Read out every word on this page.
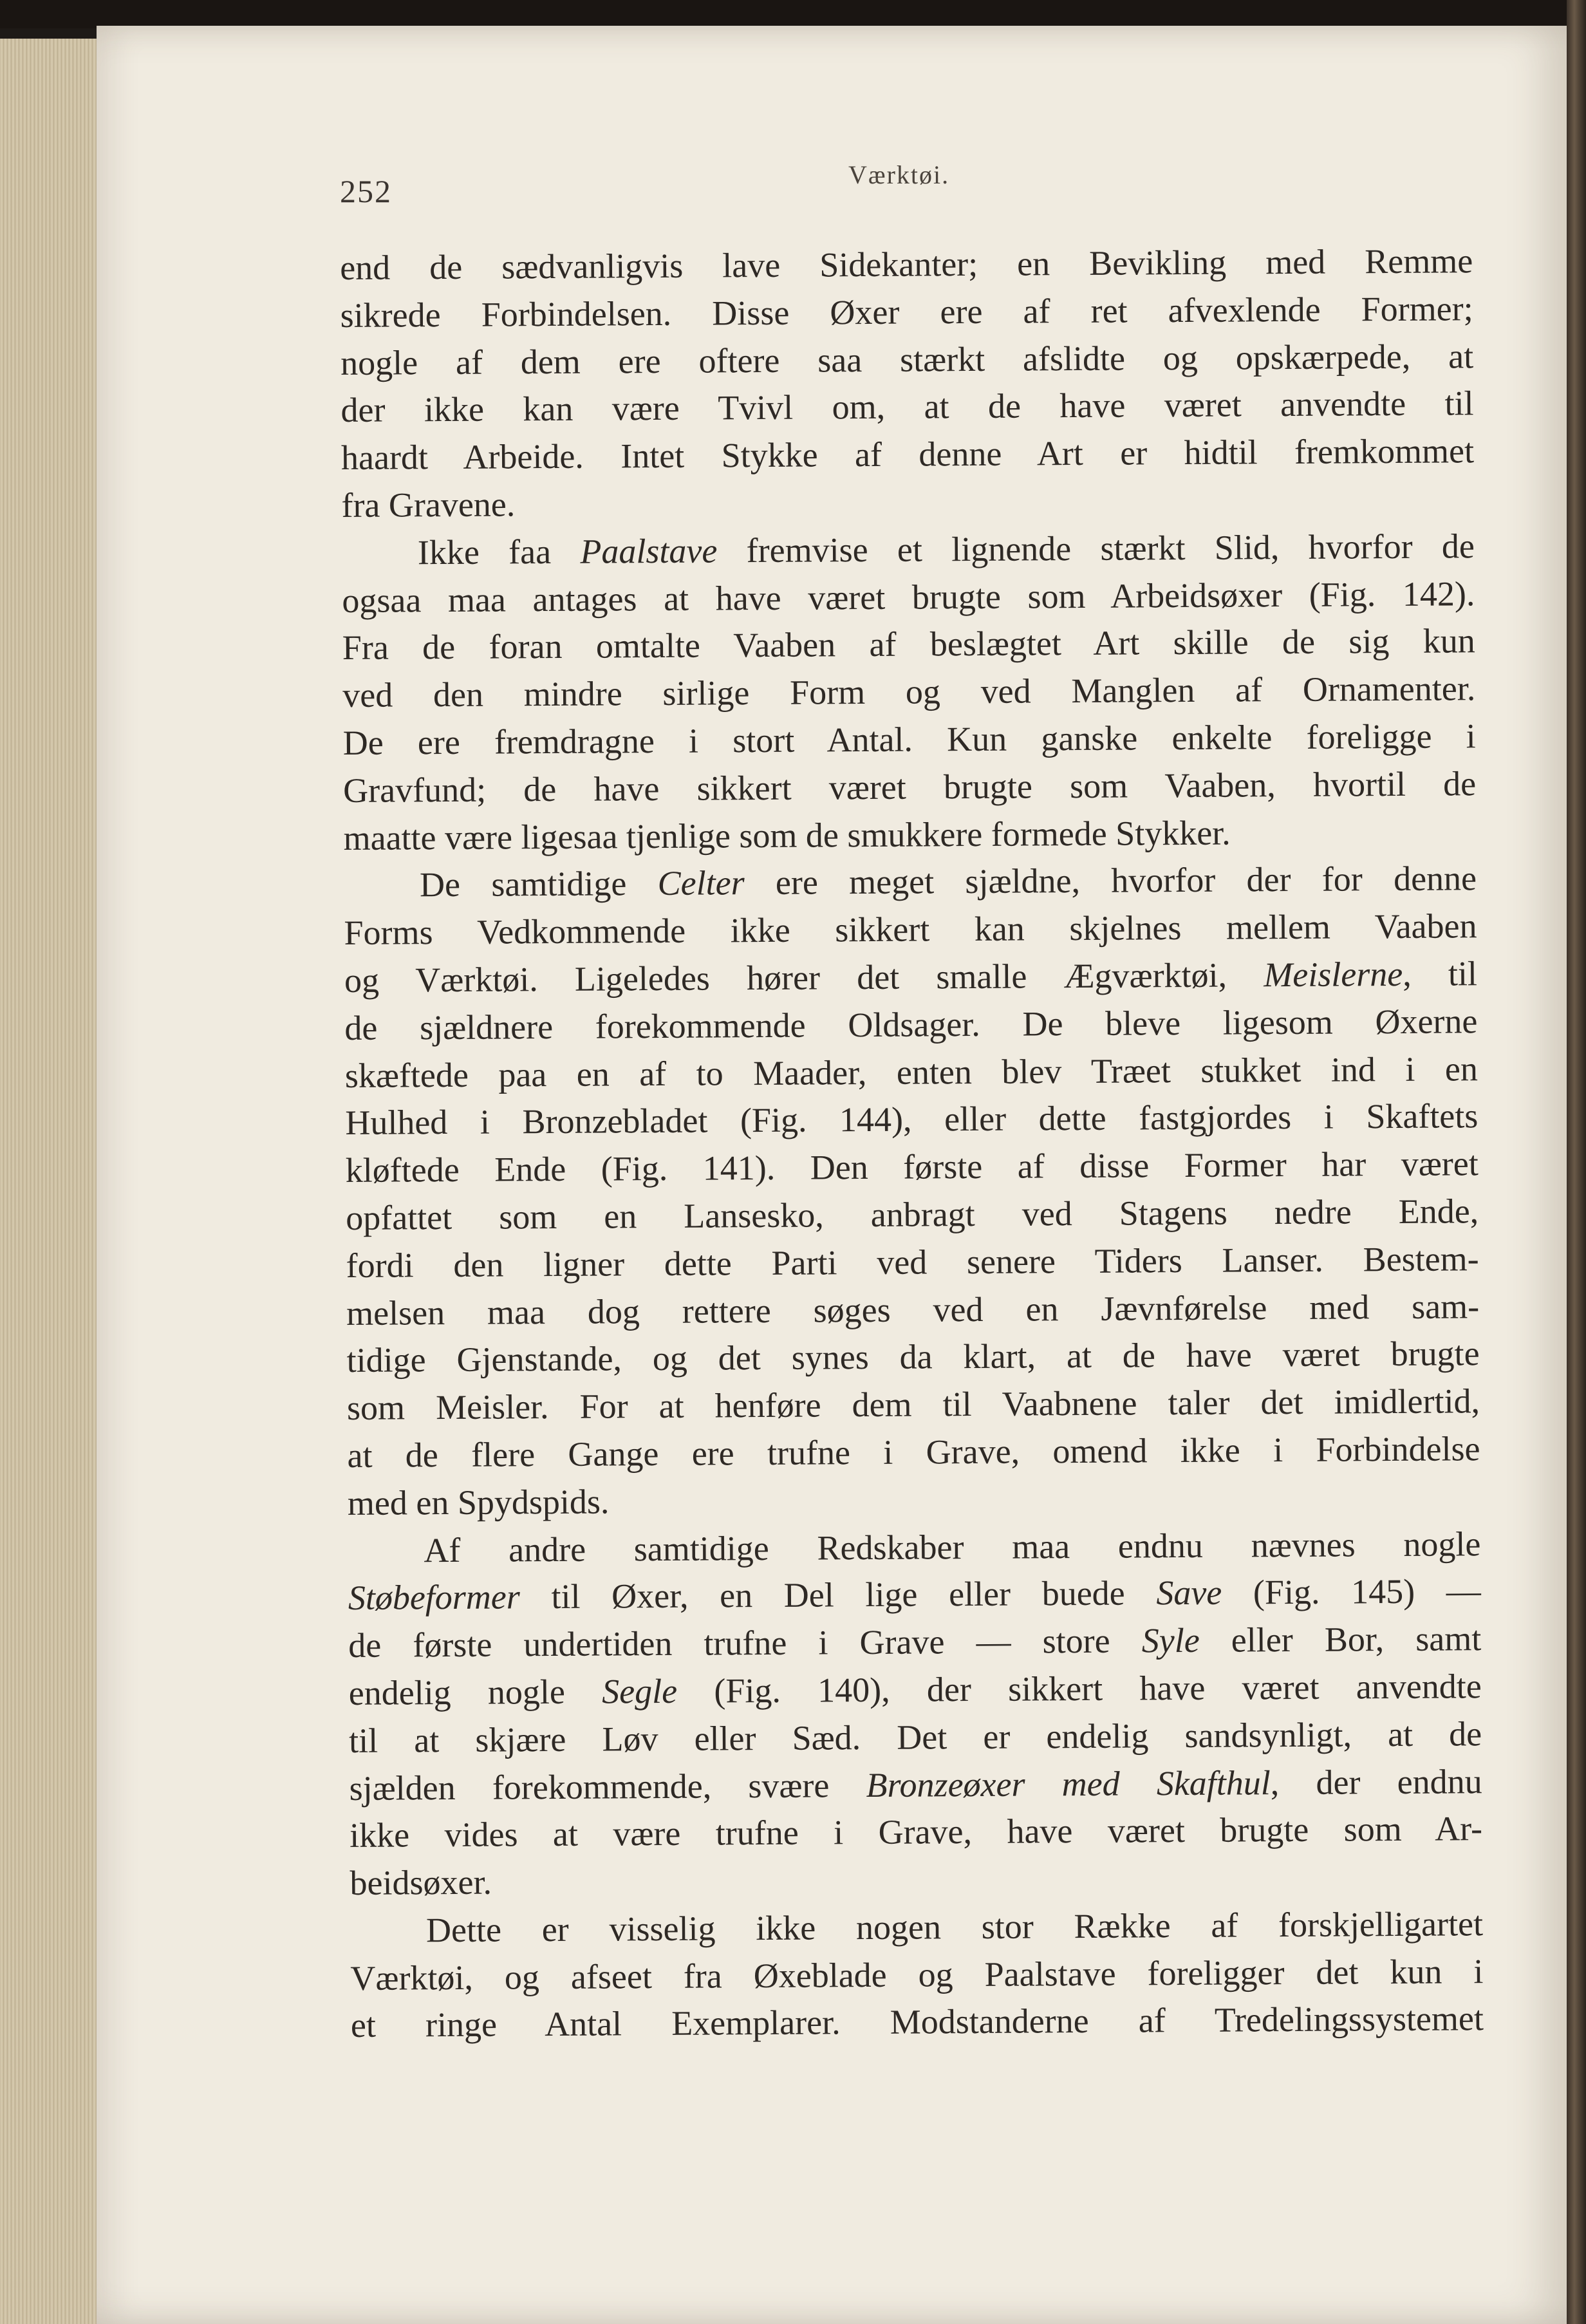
252	Værktøi.
end de sædvanligvis lave Sidekanter; en Bevikling med Remme
sikrede Forbindelsen. Disse Øxer ere af ret afvexlende Former;
nogle af dem ere oftere saa stærkt afslidte og opskærpede, at
der ikke kan være Tvivl om, at de have været anvendte til
haardt Arbeide. Intet Stykke af denne Art er hidtil fremkommet
fra Gravene.
Ikke faa Paalstave fremvise et lignende stærkt Slid, hvorfor de
ogsaa maa antages at have været brugte som Arbeidsøxer (Fig. 142).
Fra de foran omtalte Vaaben af beslægtet Art skille de sig kun
ved den mindre sirlige Form og ved Manglen af Ornamenter.
De ere fremdragne i stort Antal. Kun ganske enkelte foreligge i
Gravfund; de have sikkert været brugte som Vaaben, hvortil de
maatte være ligesaa tjenlige som de smukkere formede Stykker.
De samtidige Celter ere meget sjældne, hvorfor der for denne
Forms Vedkommende ikke sikkert kan skjelnes mellem Vaaben
og Værktøi. Ligeledes hører det smalle Ægværktøi, Meislerne, til
de sjældnere forekommende Oldsager. De bleve ligesom Øxerne
skæftede paa en af to Maader, enten blev Træet stukket ind i en
Hulhed i Bronzebladet (Fig. 144), eller dette fastgjordes i Skaftets
kløftede Ende (Fig. 141). Den første af disse Former har været
opfattet som en Lansesko, anbragt ved Stagens nedre Ende,
fordi den ligner dette Parti ved senere Tiders Lanser. Bestem-
melsen maa dog rettere søges ved en Jævnførelse med sam-
tidige Gjenstande, og det synes da klart, at de have været brugte
som Meisler. For at henføre dem til Vaabnene taler det imidlertid,
at de flere Gange ere trufne i Grave, omend ikke i Forbindelse
med en Spydspids.
Af andre samtidige Redskaber maa endnu nævnes nogle
Støbeformer til Øxer, en Del lige eller buede Save (Fig. 145) —
de første undertiden trufne i Grave — store Syle eller Bor, samt
endelig nogle Segle (Fig. 140), der sikkert have været anvendte
til at skjære Løv eller Sæd. Det er endelig sandsynligt, at de
sjælden forekommende, svære Bronzeøxer med Skafthul, der endnu
ikke vides at være trufne i Grave, have været brugte som Ar-
beidsøxer.
Dette er visselig ikke nogen stor Række af forskjelligartet
Værktøi, og afseet fra Øxeblade og Paalstave foreligger det kun i
et ringe Antal Exemplarer. Modstanderne af Tredelingssystemet
